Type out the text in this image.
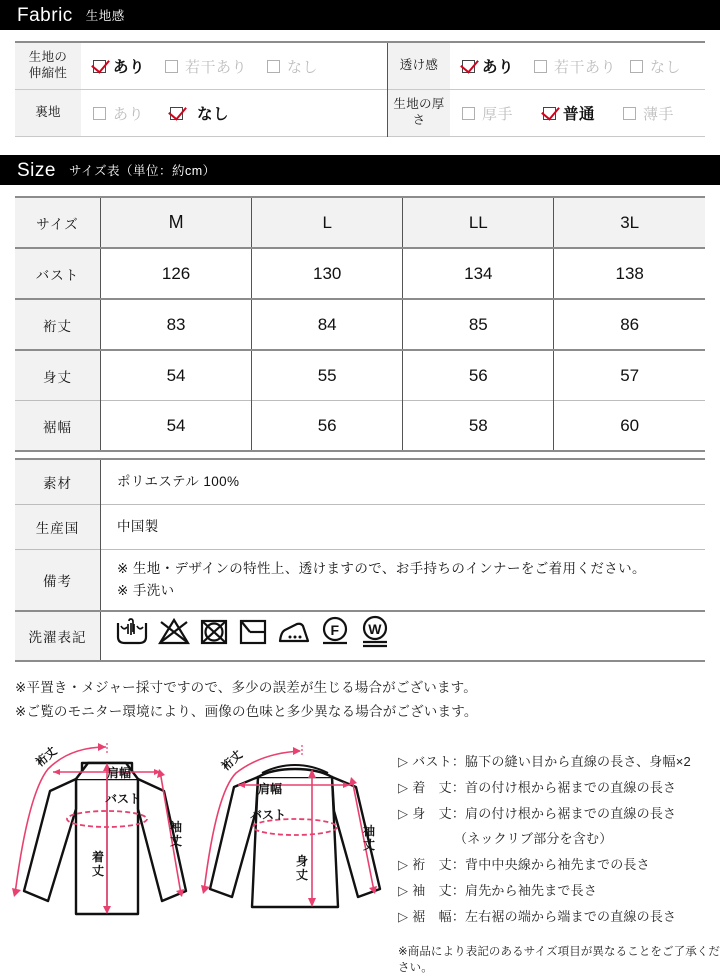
Fabric 生地感
生地の
伸縮性	あり	若干あり	なし	透け感	あり	若干あり なし

裏地	あり なし	生地の厚さ	厚手 普通 薄手
Size サイズ表（単位：約cm）
サイズ	M	L	LL	3L
バスト	126	130	134	138
裄丈	83	84	85	86
身丈	54	55	56	57
裾幅	54	56	58	60
素材	ポリエステル 100%
生産国	中国製
備考	※ 生地・デザインの特性上、透けますので、お手持ちのインナーをご着用ください。
※ 手洗い

洗濯表記	F W
※平置き・メジャー採寸ですので、多少の誤差が生じる場合がございます。
※ご覧のモニター環境により、画像の色味と多少異なる場合がございます。
裄丈
肩幅
バスト
着
丈
袖
丈
裄丈
肩幅
バスト
身
丈
袖
丈
▷ バスト：脇下の縫い目から直線の長さ、身幅×2
▷ 着　丈：首の付け根から裾までの直線の長さ
▷ 身　丈：肩の付け根から裾までの直線の長さ
（ネックリブ部分を含む）
▷ 裄　丈：背中中央線から袖先までの長さ
▷ 袖　丈：肩先から袖先まで長さ
▷ 裾　幅：左右裾の端から端までの直線の長さ
※商品により表記のあるサイズ項目が異なることをご了承ください。
